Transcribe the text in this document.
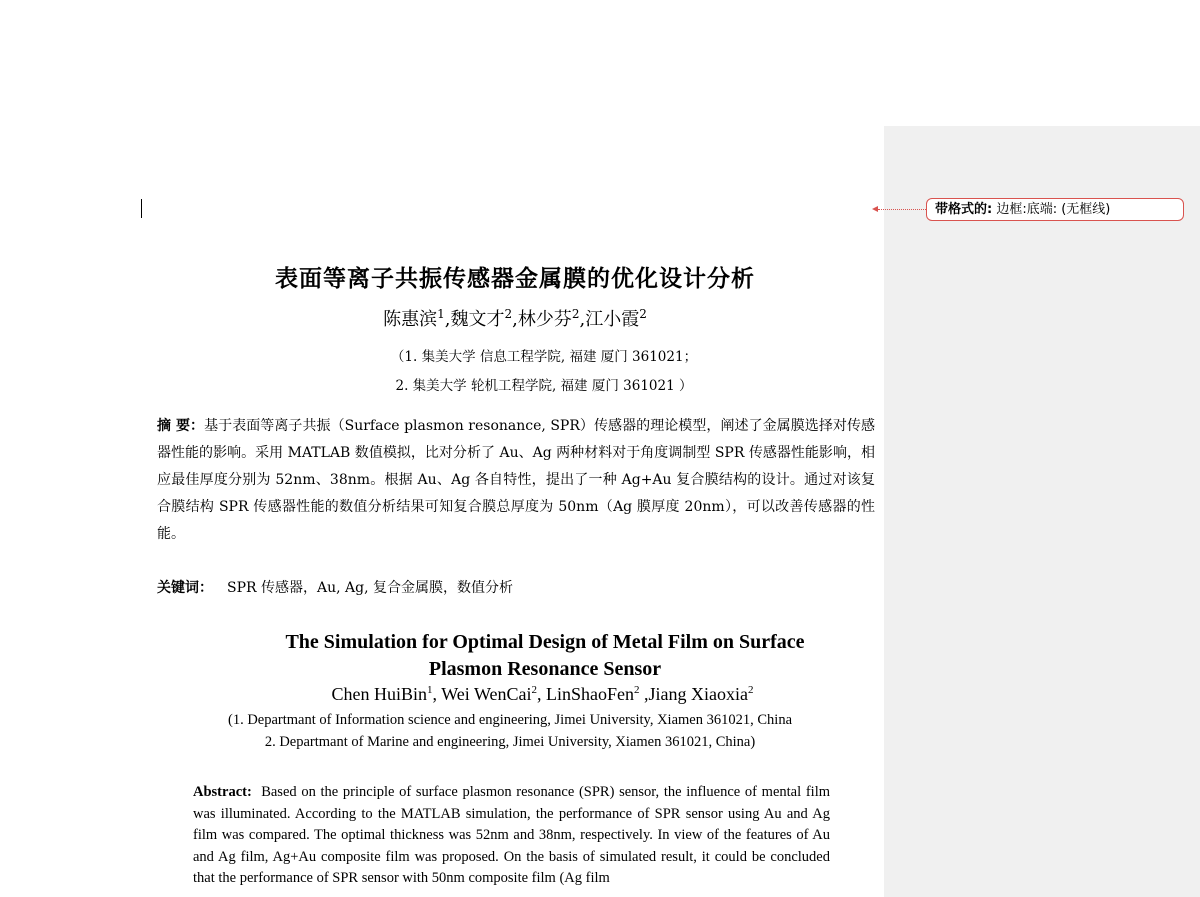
带格式的: 边框:底端: (无框线)
表面等离子共振传感器金属膜的优化设计分析
陈惠滨$^1$,魏文才$^2$,林少芬$^2$,江小霞$^2$
（1. 集美大学 信息工程学院, 福建 厦门 361021；
2. 集美大学 轮机工程学院, 福建 厦门 361021 ）
摘 要：基于表面等离子共振（Surface plasmon resonance, SPR）传感器的理论模型，阐述了金属膜选择对传感器性能的影响。采用 MATLAB 数值模拟，比对分析了 Au、Ag 两种材料对于角度调制型 SPR 传感器性能影响，相应最佳厚度分别为 52nm、38nm。根据 Au、Ag 各自特性，提出了一种 Ag+Au 复合膜结构的设计。通过对该复合膜结构 SPR 传感器性能的数值分析结果可知复合膜总厚度为 50nm（Ag 膜厚度 20nm），可以改善传感器的性能。
关键词： SPR 传感器，Au, Ag, 复合金属膜，数值分析
The Simulation for Optimal Design of Metal Film on Surface
Plasmon Resonance Sensor
Chen HuiBin$^1$, Wei WenCai$^2$, LinShaoFen$^2$ ,Jiang Xiaoxia$^2$
(1. Departmant of Information science and engineering, Jimei University, Xiamen 361021, China
2. Departmant of Marine and engineering, Jimei University, Xiamen 361021, China)
Abstract: Based on the principle of surface plasmon resonance (SPR) sensor, the influence of mental film was illuminated. According to the MATLAB simulation, the performance of SPR sensor using Au and Ag film was compared. The optimal thickness was 52nm and 38nm, respectively. In view of the features of Au and Ag film, Ag+Au composite film was proposed. On the basis of simulated result, it could be concluded that the performance of SPR sensor with 50nm composite film (Ag film
